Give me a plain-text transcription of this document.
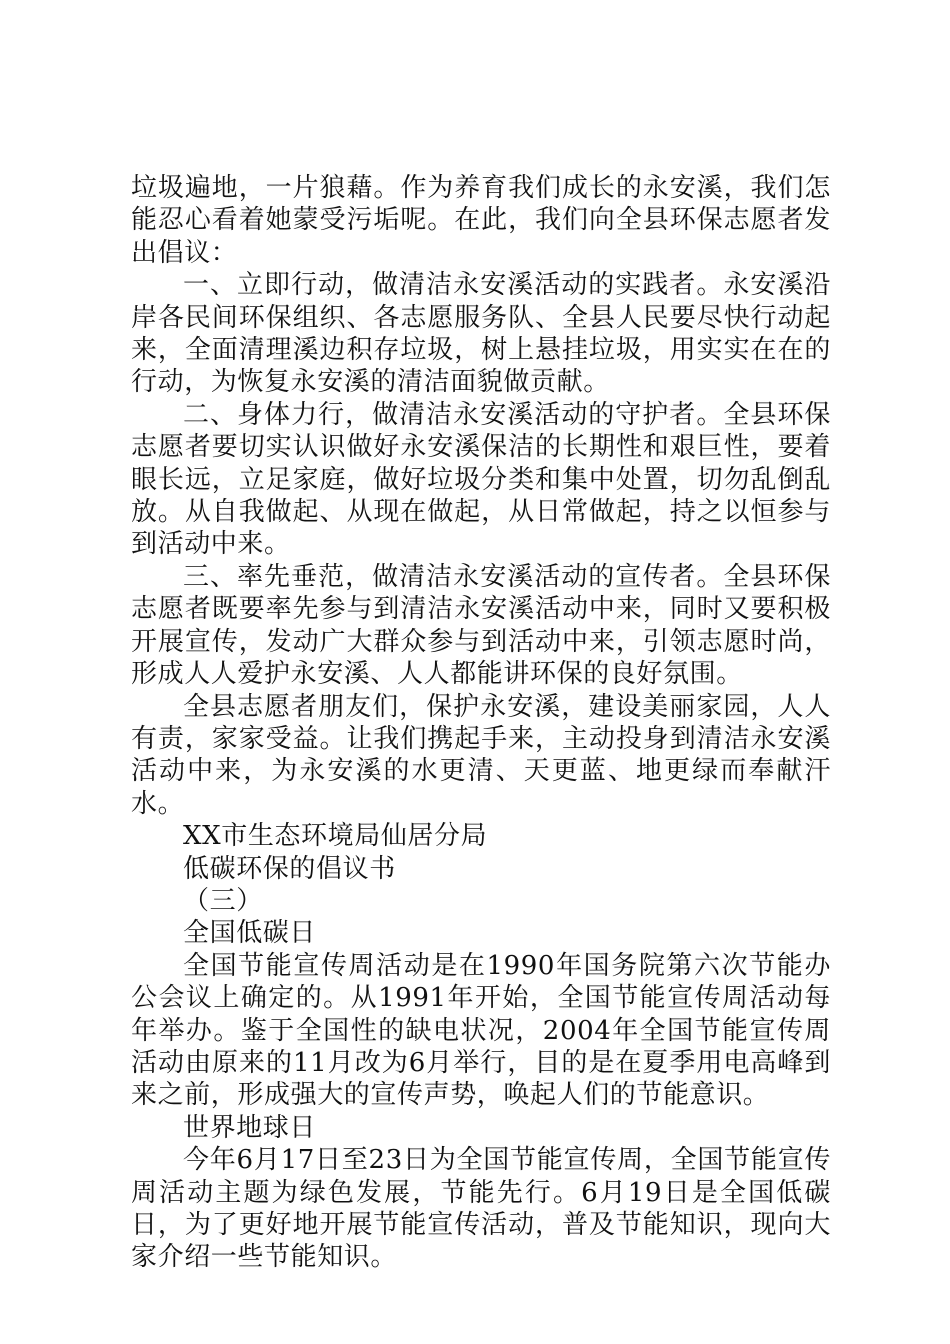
垃圾遍地，一片狼藉。作为养育我们成长的永安溪，我们怎能忍心看着她蒙受污垢呢。在此，我们向全县环保志愿者发出倡议：

一、立即行动，做清洁永安溪活动的实践者。永安溪沿岸各民间环保组织、各志愿服务队、全县人民要尽快行动起来，全面清理溪边积存垃圾，树上悬挂垃圾，用实实在在的行动，为恢复永安溪的清洁面貌做贡献。

二、身体力行，做清洁永安溪活动的守护者。全县环保志愿者要切实认识做好永安溪保洁的长期性和艰巨性，要着眼长远，立足家庭，做好垃圾分类和集中处置，切勿乱倒乱放。从自我做起、从现在做起，从日常做起，持之以恒参与到活动中来。

三、率先垂范，做清洁永安溪活动的宣传者。全县环保志愿者既要率先参与到清洁永安溪活动中来，同时又要积极开展宣传，发动广大群众参与到活动中来，引领志愿时尚，形成人人爱护永安溪、人人都能讲环保的良好氛围。

全县志愿者朋友们，保护永安溪，建设美丽家园，人人有责，家家受益。让我们携起手来，主动投身到清洁永安溪活动中来，为永安溪的水更清、天更蓝、地更绿而奉献汗水。

XX市生态环境局仙居分局

低碳环保的倡议书

（三）

全国低碳日

全国节能宣传周活动是在1990年国务院第六次节能办公会议上确定的。从1991年开始，全国节能宣传周活动每年举办。鉴于全国性的缺电状况，2004年全国节能宣传周活动由原来的11月改为6月举行，目的是在夏季用电高峰到来之前，形成强大的宣传声势，唤起人们的节能意识。

世界地球日

今年6月17日至23日为全国节能宣传周，全国节能宣传周活动主题为绿色发展，节能先行。6月19日是全国低碳日，为了更好地开展节能宣传活动，普及节能知识，现向大家介绍一些节能知识。
